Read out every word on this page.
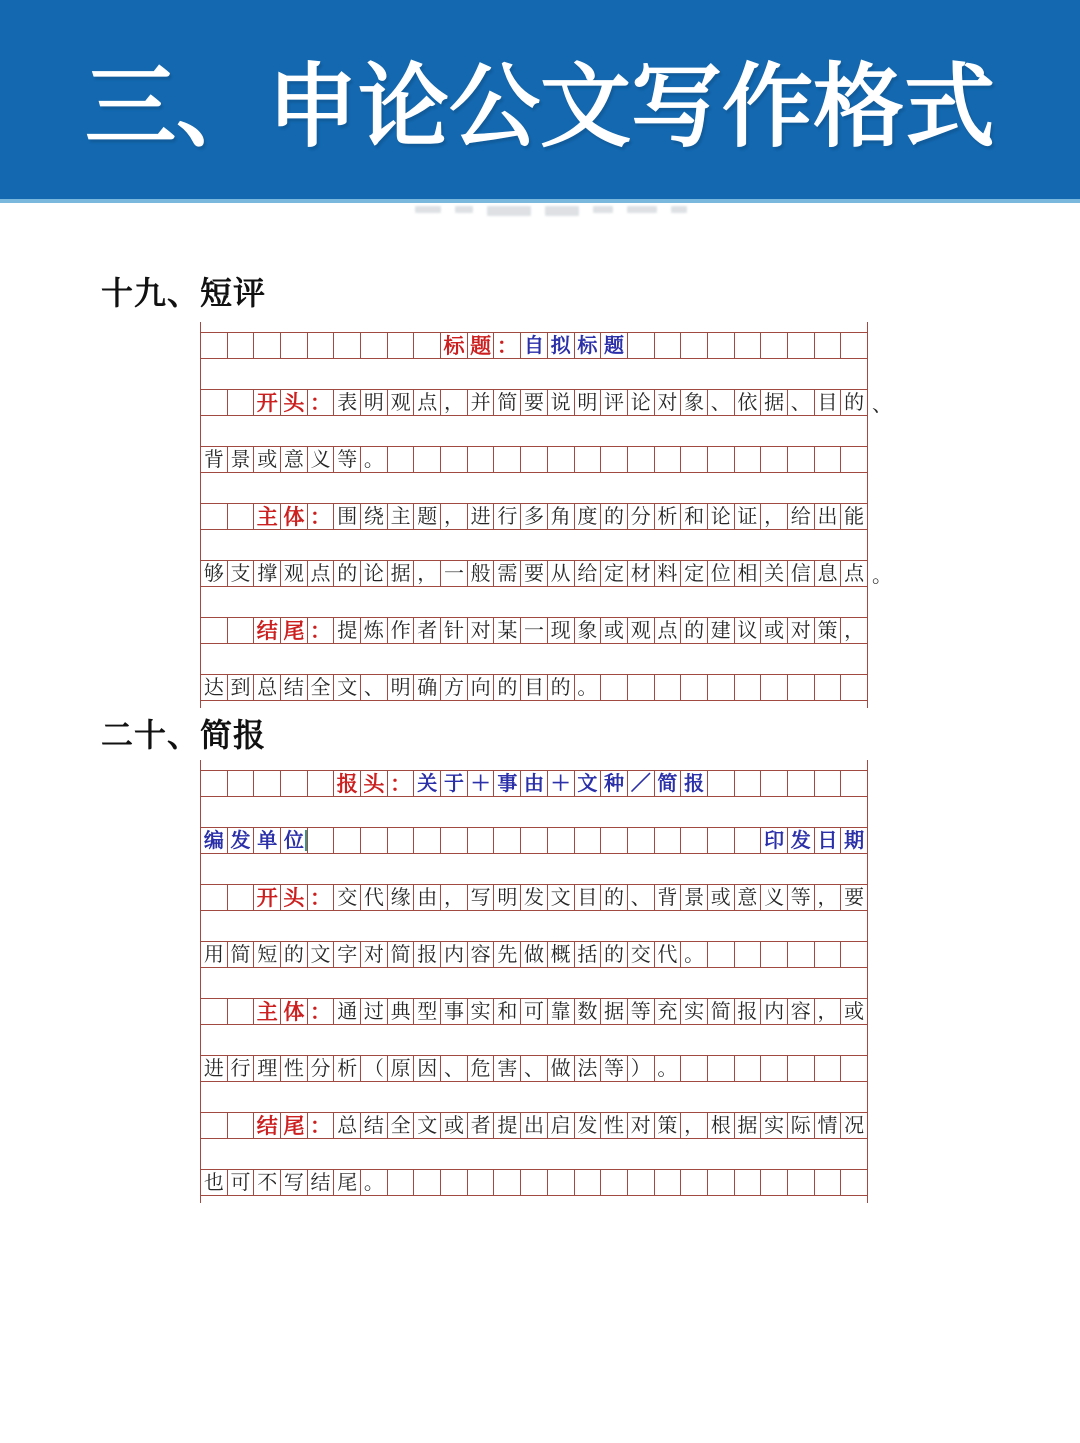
三、申论公文写作格式
十九、短评
标 题 ： 自 拟 标 题
开 头 ： 表 明 观 点 ， 并 简 要 说 明 评 论 对 象 、 依 据 、 目 的 、
背 景 或 意 义 等 。
主 体 ： 围 绕 主 题 ， 进 行 多 角 度 的 分 析 和 论 证 ， 给 出 能
够 支 撑 观 点 的 论 据 ， 一 般 需 要 从 给 定 材 料 定 位 相 关 信 息 点 。
结 尾 ： 提 炼 作 者 针 对 某 一 现 象 或 观 点 的 建 议 或 对 策 ，
达 到 总 结 全 文 、 明 确 方 向 的 目 的 。
二十、简报
报 头 ： 关 于 ＋ 事 由 ＋ 文 种 ／ 简 报
编 发 单 位	印 发 日 期
开 头 ： 交 代 缘 由 ， 写 明 发 文 目 的 、 背 景 或 意 义 等 ， 要
用 简 短 的 文 字 对 简 报 内 容 先 做 概 括 的 交 代 。
主 体 ： 通 过 典 型 事 实 和 可 靠 数 据 等 充 实 简 报 内 容 ， 或
进 行 理 性 分 析 （ 原 因 、 危 害 、 做 法 等 ） 。
结 尾 ： 总 结 全 文 或 者 提 出 启 发 性 对 策 ， 根 据 实 际 情 况
也 可 不 写 结 尾 。
